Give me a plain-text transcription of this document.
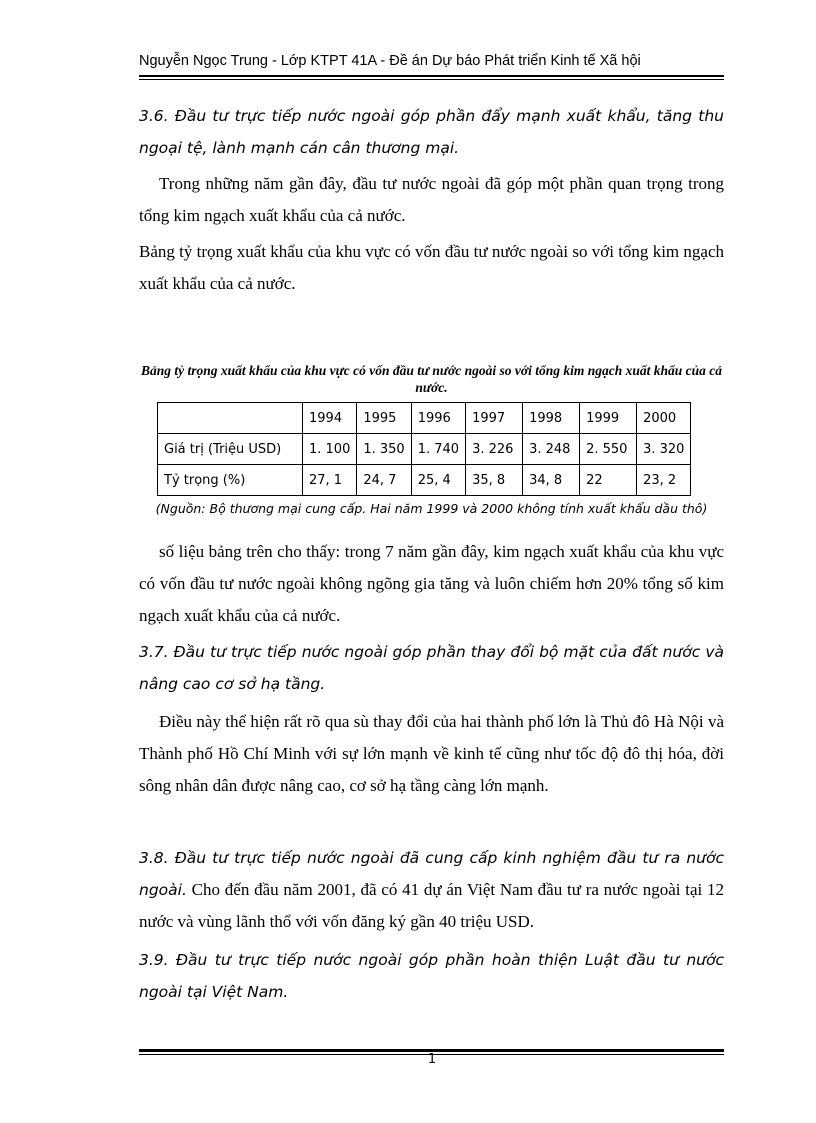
Nguyễn Ngọc Trung - Lớp KTPT 41A - Đề án Dự báo Phát triển Kinh tế Xã hội
3.6. Đầu tư trực tiếp nước ngoài góp phần đẩy mạnh xuất khẩu, tăng thu ngoại tệ, lành mạnh cán cân thương mại.
Trong những năm gần đây, đầu tư nước ngoài đã góp một phần quan trọng trong tổng kim ngạch xuất khẩu của cả nước.
Bảng tỷ trọng xuất khẩu của khu vực có vốn đầu tư nước ngoài so với tổng kim ngạch xuất khẩu của cả nước.
Bảng tỷ trọng xuất khẩu của khu vực có vốn đầu tư nước ngoài so với tổng kim ngạch xuất khẩu của cả nước.
	1994	1995	1996	1997	1998	1999	2000
Giá trị (Triệu USD)	1. 100	1. 350	1. 740	3. 226	3. 248	2. 550	3. 320
Tỷ trọng (%)	27, 1	24, 7	25, 4	35, 8	34, 8	22	23, 2
(Nguồn: Bộ thương mại cung cấp. Hai năm 1999 và 2000 không tính xuất khẩu dầu thô)
số liệu bảng trên cho thấy: trong 7 năm gần đây, kim ngạch xuất khẩu của khu vực có vốn đầu tư nước ngoài không ngõng gia tăng và luôn chiếm hơn 20% tổng số kim ngạch xuất khẩu của cả nước.
3.7. Đầu tư trực tiếp nước ngoài góp phần thay đổi bộ mặt của đất nước và nâng cao cơ sở hạ tầng.
Điều này thể hiện rất rõ qua sù thay đổi của hai thành phố lớn là Thủ đô Hà Nội và Thành phố Hồ Chí Minh với sự lớn mạnh về kinh tế cũng như tốc độ đô thị hóa, đời sông nhân dân được nâng cao, cơ sở hạ tầng càng lớn mạnh.
3.8. Đầu tư trực tiếp nước ngoài đã cung cấp kinh nghiệm đầu tư ra nước ngoài. Cho đến đầu năm 2001, đã có 41 dự án Việt Nam đầu tư ra nước ngoài tại 12 nước và vùng lãnh thổ với vốn đăng ký gần 40 triệu USD.
3.9. Đầu tư trực tiếp nước ngoài góp phần hoàn thiện Luật đầu tư nước ngoài tại Việt Nam.
1
